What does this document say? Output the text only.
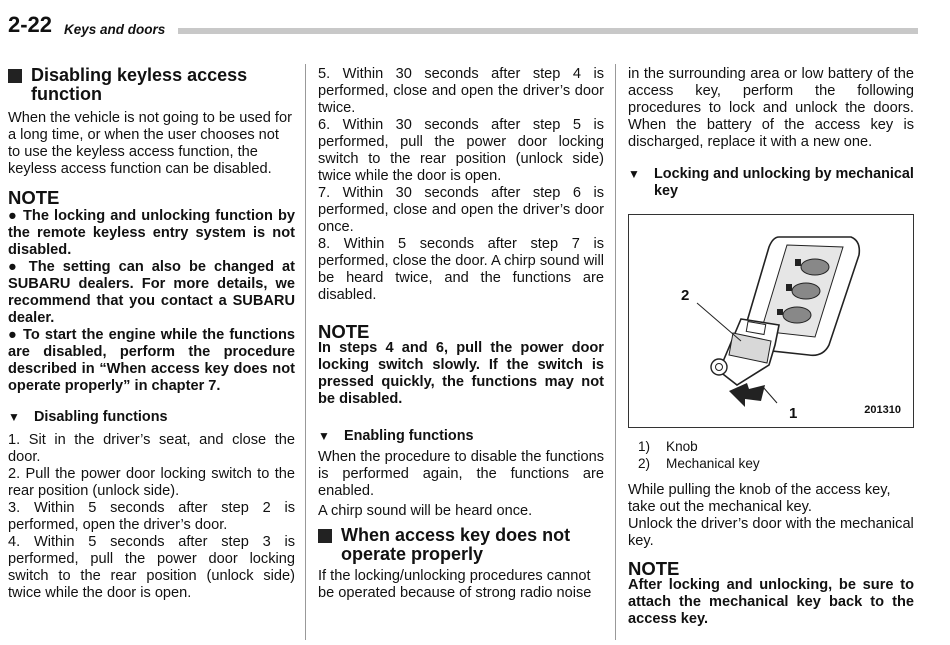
2-22 Keys and doors
Disabling keyless access function

When the vehicle is not going to be used for a long time, or when the user chooses not to use the keyless access function, the keyless access function can be disabled.

NOTE

● The locking and unlocking function by the remote keyless entry system is not disabled.

● The setting can also be changed at SUBARU dealers. For more details, we recommend that you contact a SUBARU dealer.

● To start the engine while the functions are disabled, perform the procedure described in “When access key does not operate properly” in chapter 7.

▼ Disabling functions

1. Sit in the driver’s seat, and close the door.

2. Pull the power door locking switch to the rear position (unlock side).

3. Within 5 seconds after step 2 is performed, open the driver’s door.

4. Within 5 seconds after step 3 is performed, pull the power door locking switch to the rear position (unlock side) twice while the door is open.

5. Within 30 seconds after step 4 is performed, close and open the driver’s door twice.

6. Within 30 seconds after step 5 is performed, pull the power door locking switch to the rear position (unlock side) twice while the door is open.

7. Within 30 seconds after step 6 is performed, close and open the driver’s door once.

8. Within 5 seconds after step 7 is performed, close the door. A chirp sound will be heard twice, and the functions are disabled.

NOTE

In steps 4 and 6, pull the power door locking switch slowly. If the switch is pressed quickly, the functions may not be disabled.

▼ Enabling functions

When the procedure to disable the functions is performed again, the functions are enabled.

A chirp sound will be heard once.

When access key does not operate properly

If the locking/unlocking procedures cannot be operated because of strong radio noise

in the surrounding area or low battery of the access key, perform the following procedures to lock and unlock the doors. When the battery of the access key is discharged, replace it with a new one.

▼ Locking and unlocking by mechanical key
2
1	201310
1)	Knob
2)	Mechanical key

While pulling the knob of the access key, take out the mechanical key.

Unlock the driver’s door with the mechanical key.

NOTE

After locking and unlocking, be sure to attach the mechanical key back to the access key.
